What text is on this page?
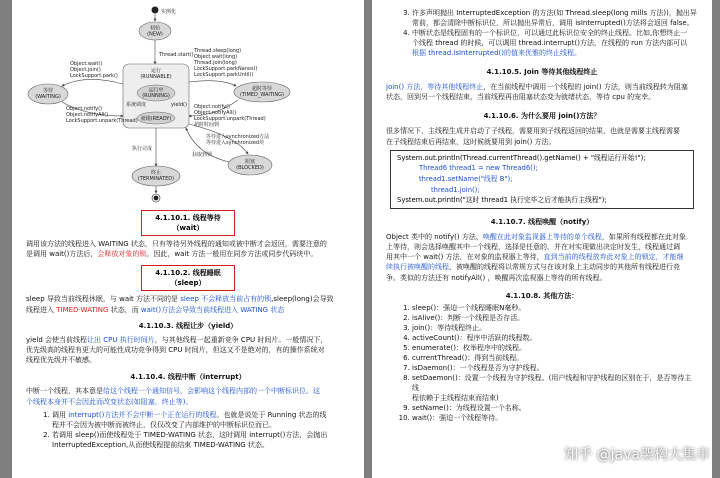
实例化
初始
(NEW)
Thread.start()
运行
(RUNNABLE)
运行中
(RUNNING)
就绪(READY)
系统调度	yield()
等待
(WAITING)
Object.wait()
Object.join()
LockSupport.park()
Object.notify()
Object.notifyAll()
LockSupport.unpark(Thread)
超时等待
(TIMED_WAITING)
Thread.sleep(long)
Object.wait(long)
Thread.join(long)
LockSupport.parkNanos()
LockSupport.parkUntil()
Object.notify()
Object.notifyAll()
LockSupport.unpark(Thread)
超时时间到
阻塞
(BLOCKED)
等待进入synchronized方法
等待进入synchronized块
获取到锁
终止
(TERMINATED)
执行完成
4.1.10.1. 线程等待（wait）

调用该方法的线程进入 WAITING 状态，只有等待另外线程的通知或被中断才会返回，需要注意的
是调用 wait()方法后，会释放对象的锁。因此，wait 方法一般用在同步方法或同步代码块中。

4.1.10.2. 线程睡眠（sleep）

sleep 导致当前线程休眠，与 wait 方法不同的是 sleep 不会释放当前占有的锁,sleep(long)会导致
线程进入 TIMED-WATING 状态，而 wait()方法会导致当前线程进入 WATING 状态

4.1.10.3. 线程让步（yield）

yield 会使当前线程让出 CPU 执行时间片，与其他线程一起重新竞争 CPU 时间片。一般情况下，
优先级高的线程有更大的可能性成功竞争得到 CPU 时间片，但这又不是绝对的，有的操作系统对
线程优先级并不敏感。

4.1.10.4. 线程中断（interrupt）

中断一个线程，其本意是给这个线程一个通知信号，会影响这个线程内部的一个中断标识位。这
个线程本身并不会因此而改变状态(如阻塞，终止等)。

1. 调用 interrupt()方法并不会中断一个正在运行的线程。也就是说处于 Running 状态的线
程并不会因为被中断而被终止，仅仅改变了内部维护的中断标识位而已。
2. 若调用 sleep()而使线程处于 TIMED-WATING 状态，这时调用 interrupt()方法，会抛出
InterruptedException,从而使线程提前结束 TIMED-WATING 状态。
3. 许多声明抛出 InterruptedException 的方法(如 Thread.sleep(long mills 方法))，抛出异
常前，都会清除中断标识位，所以抛出异常后，调用 isInterrupted()方法将会返回 false。
4. 中断状态是线程固有的一个标识位，可以通过此标识位安全的终止线程。比如,你想终止一
个线程 thread 的时候，可以调用 thread.interrupt()方法，在线程的 run 方法内部可以
根据 thread.isInterrupted()的值来优雅的终止线程。

4.1.10.5. Join 等待其他线程终止

join() 方法，等待其他线程终止，在当前线程中调用一个线程的 join() 方法，则当前线程转为阻塞
状态，回到另一个线程结束，当前线程再由阻塞状态变为就绪状态，等待 cpu 的宠幸。

4.1.10.6. 为什么要用 join()方法？

很多情况下，主线程生成并启动了子线程，需要用到子线程返回的结果，也就是需要主线程需要
在子线程结束后再结束，这时候就要用到 join() 方法。

System.out.println(Thread.currentThread().getName() + "线程运行开始!");
Thread6 thread1 = new Thread6();
thread1.setName("线程 B");
thread1.join();
System.out.println("这时 thread1 执行完毕之后才能执行主线程");

4.1.10.7. 线程唤醒（notify）

Object 类中的 notify() 方法，唤醒在此对象监视器上等待的单个线程，如果所有线程都在此对象
上等待，则会选择唤醒其中一个线程，选择是任意的，并在对实现做出决定时发生，线程通过调
用其中一个 wait() 方法，在对象的监视器上等待，直到当前的线程放弃此对象上的锁定，才能继
续执行被唤醒的线程，被唤醒的线程将以常规方式与在该对象上主动同步的其他所有线程进行竞
争。类似的方法还有 notifyAll() ，唤醒再次监视器上等待的所有线程。

4.1.10.8. 其他方法：

1. sleep()：强迫一个线程睡眠N毫秒。
2. isAlive()：判断一个线程是否存活。
3. join()：等待线程终止。
4. activeCount()：程序中活跃的线程数。
5. enumerate()：枚举程序中的线程。
6. currentThread()：得到当前线程。
7. isDaemon()：一个线程是否为守护线程。
8. setDaemon()：设置一个线程为守护线程。(用户线程和守护线程的区别在于，是否等待主线
程依赖于主线程结束而结束)
9. setName()：为线程设置一个名称。
10. wait()：强迫一个线程等待。
知乎 @java架构大集市
